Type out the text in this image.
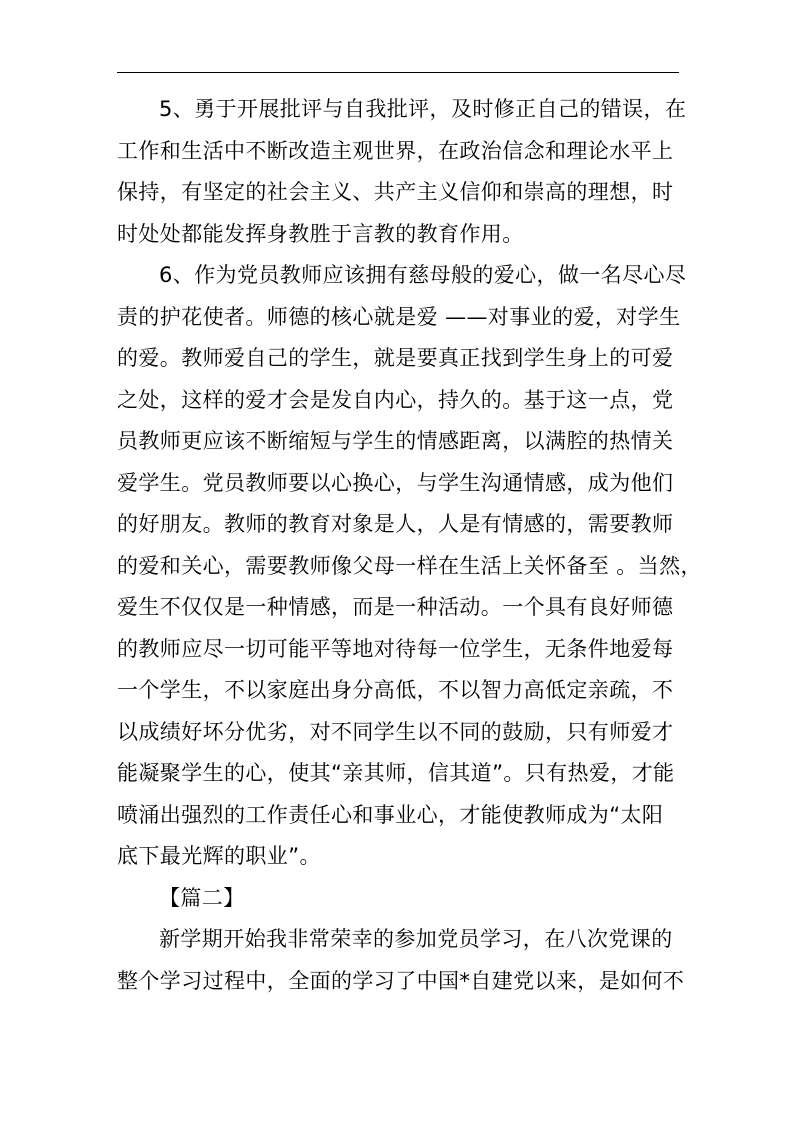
5、勇于开展批评与自我批评，及时修正自己的错误，在
工作和生活中不断改造主观世界，在政治信念和理论水平上
保持，有坚定的社会主义、共产主义信仰和崇高的理想，时
时处处都能发挥身教胜于言教的教育作用。
6、作为党员教师应该拥有慈母般的爱心，做一名尽心尽
责的护花使者。师德的核心就是爱 ——对事业的爱，对学生
的爱。教师爱自己的学生，就是要真正找到学生身上的可爱
之处，这样的爱才会是发自内心，持久的。基于这一点，党
员教师更应该不断缩短与学生的情感距离，以满腔的热情关
爱学生。党员教师要以心换心，与学生沟通情感，成为他们
的好朋友。教师的教育对象是人，人是有情感的，需要教师
的爱和关心，需要教师像父母一样在生活上关怀备至 。当然，
爱生不仅仅是一种情感，而是一种活动。一个具有良好师德
的教师应尽一切可能平等地对待每一位学生，无条件地爱每
一个学生，不以家庭出身分高低，不以智力高低定亲疏，不
以成绩好坏分优劣，对不同学生以不同的鼓励，只有师爱才
能凝聚学生的心，使其“亲其师，信其道”。只有热爱，才能
喷涌出强烈的工作责任心和事业心，才能使教师成为“太阳
底下最光辉的职业”。
【篇二】
新学期开始我非常荣幸的参加党员学习，在八次党课的
整个学习过程中，全面的学习了中国*自建党以来，是如何不
